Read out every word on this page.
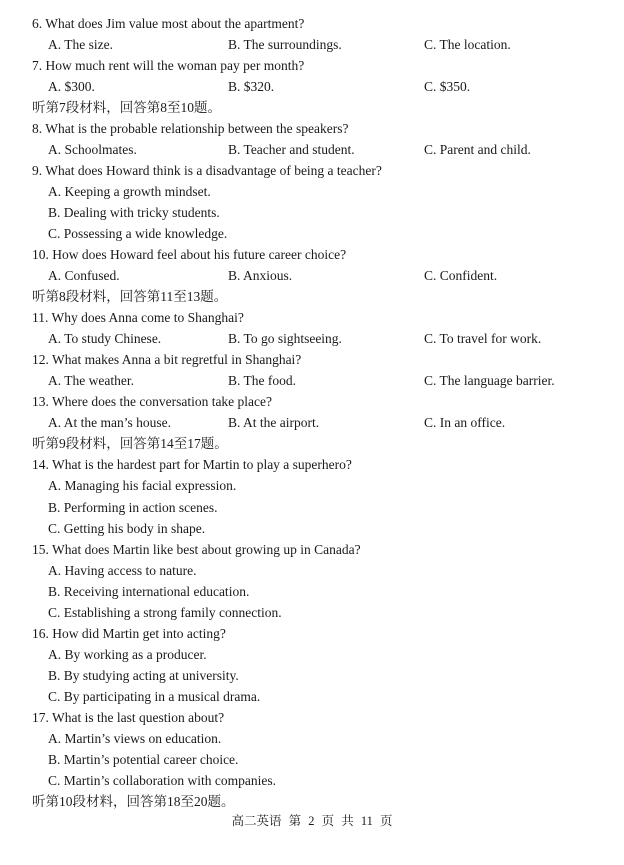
高二英语 第 2 页 共 11 页
6. What does Jim value most about the apartment?
A. The size.	B. The surroundings.	C. The location.
7. How much rent will the woman pay per month?
A. $300.	B. $320.	C. $350.
听第7段材料，回答第8至10题。
8. What is the probable relationship between the speakers?
A. Schoolmates.	B. Teacher and student.	C. Parent and child.
9. What does Howard think is a disadvantage of being a teacher?
A. Keeping a growth mindset.
B. Dealing with tricky students.
C. Possessing a wide knowledge.
10. How does Howard feel about his future career choice?
A. Confused.	B. Anxious.	C. Confident.
听第8段材料，回答第11至13题。
11. Why does Anna come to Shanghai?
A. To study Chinese.	B. To go sightseeing.	C. To travel for work.
12. What makes Anna a bit regretful in Shanghai?
A. The weather.	B. The food.	C. The language barrier.
13. Where does the conversation take place?
A. At the man’s house.	B. At the airport.	C. In an office.
听第9段材料，回答第14至17题。
14. What is the hardest part for Martin to play a superhero?
A. Managing his facial expression.
B. Performing in action scenes.
C. Getting his body in shape.
15. What does Martin like best about growing up in Canada?
A. Having access to nature.
B. Receiving international education.
C. Establishing a strong family connection.
16. How did Martin get into acting?
A. By working as a producer.
B. By studying acting at university.
C. By participating in a musical drama.
17. What is the last question about?
A. Martin’s views on education.
B. Martin’s potential career choice.
C. Martin’s collaboration with companies.
听第10段材料，回答第18至20题。
